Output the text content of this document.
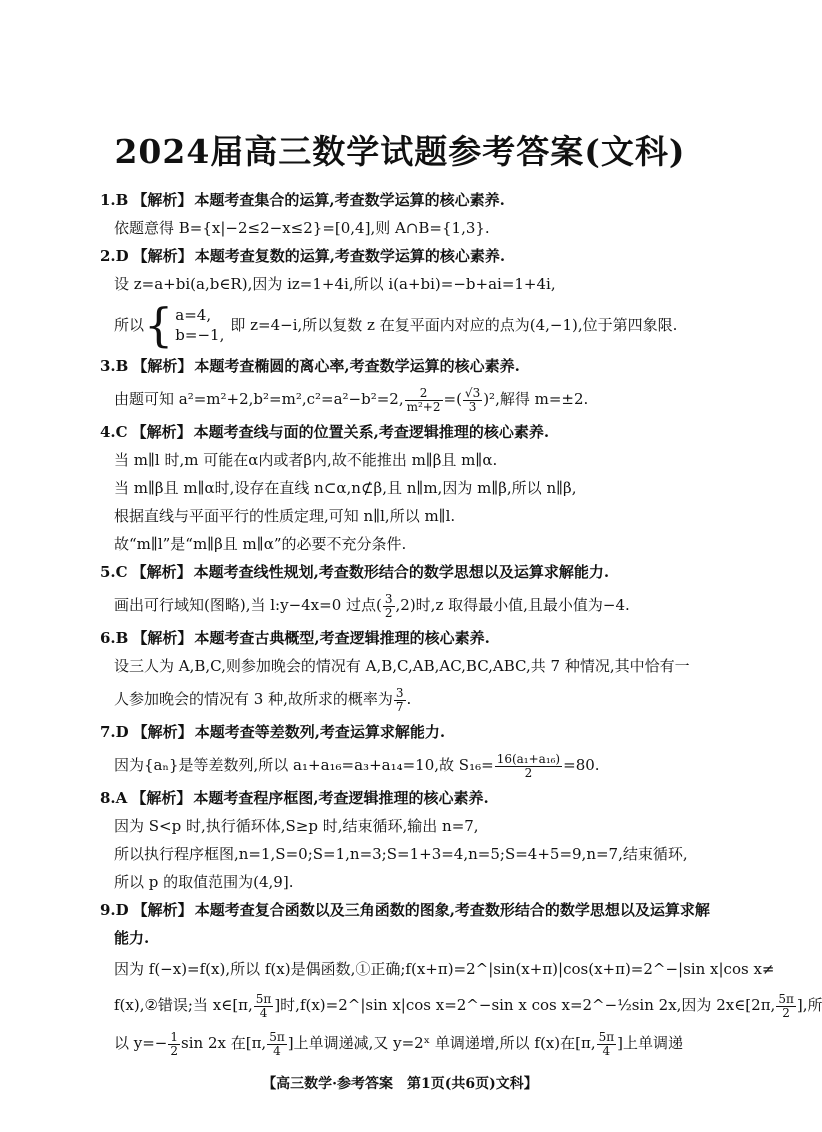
2024届高三数学试题参考答案(文科)
1.B 【解析】 本题考查集合的运算,考查数学运算的核心素养.
依题意得 B={x|−2≤2−x≤2}=[0,4],则 A∩B={1,3}.
2.D 【解析】 本题考查复数的运算,考查数学运算的核心素养.
设 z=a+bi(a,b∈R),因为 iz=1+4i,所以 i(a+bi)=−b+ai=1+4i,
所以 { a=4,
b=−1,
即 z=4−i,所以复数 z 在复平面内对应的点为(4,−1),位于第四象限.
3.B 【解析】 本题考查椭圆的离心率,考查数学运算的核心素养.
由题可知 a²=m²+2,b²=m²,c²=a²−b²=2, $\frac{2}{\text{m²+2}}$ =( $\frac{√3}{3} )^2$,解得 m=±2.
4.C 【解析】 本题考查线与面的位置关系,考查逻辑推理的核心素养.
当 m∥l 时,m 可能在α内或者β内,故不能推出 m∥β且 m∥α.
当 m∥β且 m∥α时,设存在直线 n⊂α,n⊄β,且 n∥m,因为 m∥β,所以 n∥β,
根据直线与平面平行的性质定理,可知 n∥l,所以 m∥l.
故“m∥l”是“m∥β且 m∥α”的必要不充分条件.
5.C 【解析】 本题考查线性规划,考查数形结合的数学思想以及运算求解能力.
画出可行域知(图略),当 l:y−4x=0 过点( $\frac{3}{2} ,2$)时,z 取得最小值,且最小值为−4.
6.B 【解析】 本题考查古典概型,考查逻辑推理的核心素养.
设三人为 A,B,C,则参加晚会的情况有 A,B,C,AB,AC,BC,ABC,共 7 种情况,其中恰有一
人参加晚会的情况有 3 种,故所求的概率为 $\frac{3}{7}$ .
7.D 【解析】 本题考查等差数列,考查运算求解能力.
因为{aₙ}是等差数列,所以 a₁+a₁₆=a₃+a₁₄=10,故 $S_{16}= \frac{\text{16(a₁+a₁₆)}}{2} =80$.
8.A 【解析】 本题考查程序框图,考查逻辑推理的核心素养.
因为 S<p 时,执行循环体,S≥p 时,结束循环,输出 n=7,
所以执行程序框图,n=1,S=0;S=1,n=3;S=1+3=4,n=5;S=4+5=9,n=7,结束循环,
所以 p 的取值范围为(4,9].
9.D 【解析】 本题考查复合函数以及三角函数的图象,考查数形结合的数学思想以及运算求解
能力.
因为 f(−x)=f(x),所以 f(x)是偶函数,①正确;f(x+π)=2^|sin(x+π)|cos(x+π)=2^−|sin x|cos x≠
f(x),②错误;当 x∈[π, $\frac{5\pi}{4}$ ]时,f(x)=2^|sin x|cos x=2^−sin x cos x=2^−½sin 2x,因为 2x∈[2π, $\frac{5\pi}{2}$ ],所
以 $y=- \frac{1}{2}$ sin 2x 在[π, $\frac{5\pi}{4}$ ]上单调递减,又 y=2ˣ 单调递增,所以 f(x)在[π, $\frac{5\pi}{4}$ ]上单调递
【高三数学·参考答案　第1页(共6页)文科】
